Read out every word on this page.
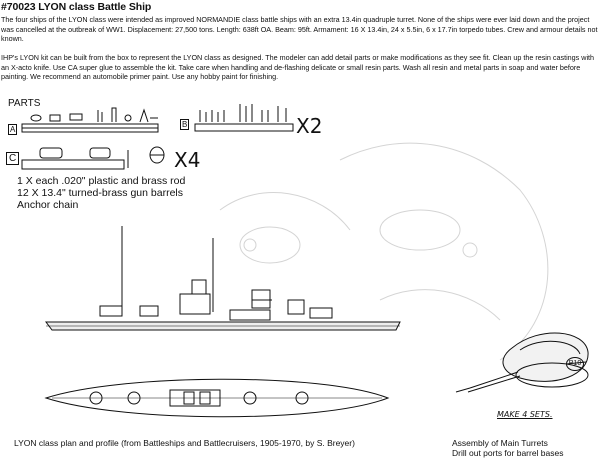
#70023 LYON class Battle Ship
The four ships of the LYON class were intended as improved NORMANDIE class battle ships with an extra 13.4in quadruple turret. None of the ships were ever laid down and the project was cancelled at the outbreak of WW1. Displacement: 27,500 tons. Length: 638ft OA. Beam: 95ft. Armament: 16 X 13.4in, 24 x 5.5in, 6 x 17.7in torpedo tubes. Crew and armour details not known.
IHP's LYON kit can be built from the box to represent the LYON class as designed. The modeler can add detail parts or make modifications as they see fit. Clean up the resin castings with an X-acto knife. Use CA super glue to assemble the kit. Take care when handling and de-flashing delicate or small resin parts. Wash all resin and metal parts in soap and water before painting. We recommend an automobile primer paint. Use any hobby paint for finishing.
PARTS
A
B
C
X2
X4
1 X each .020" plastic and brass rod
12 X 13.4" turned-brass gun barrels
Anchor chain
P10
MAKE 4 SETS.
LYON class plan and profile (from Battleships and Battlecruisers, 1905-1970, by S. Breyer)	Assembly of Main Turrets
Drill out ports for barrel bases
